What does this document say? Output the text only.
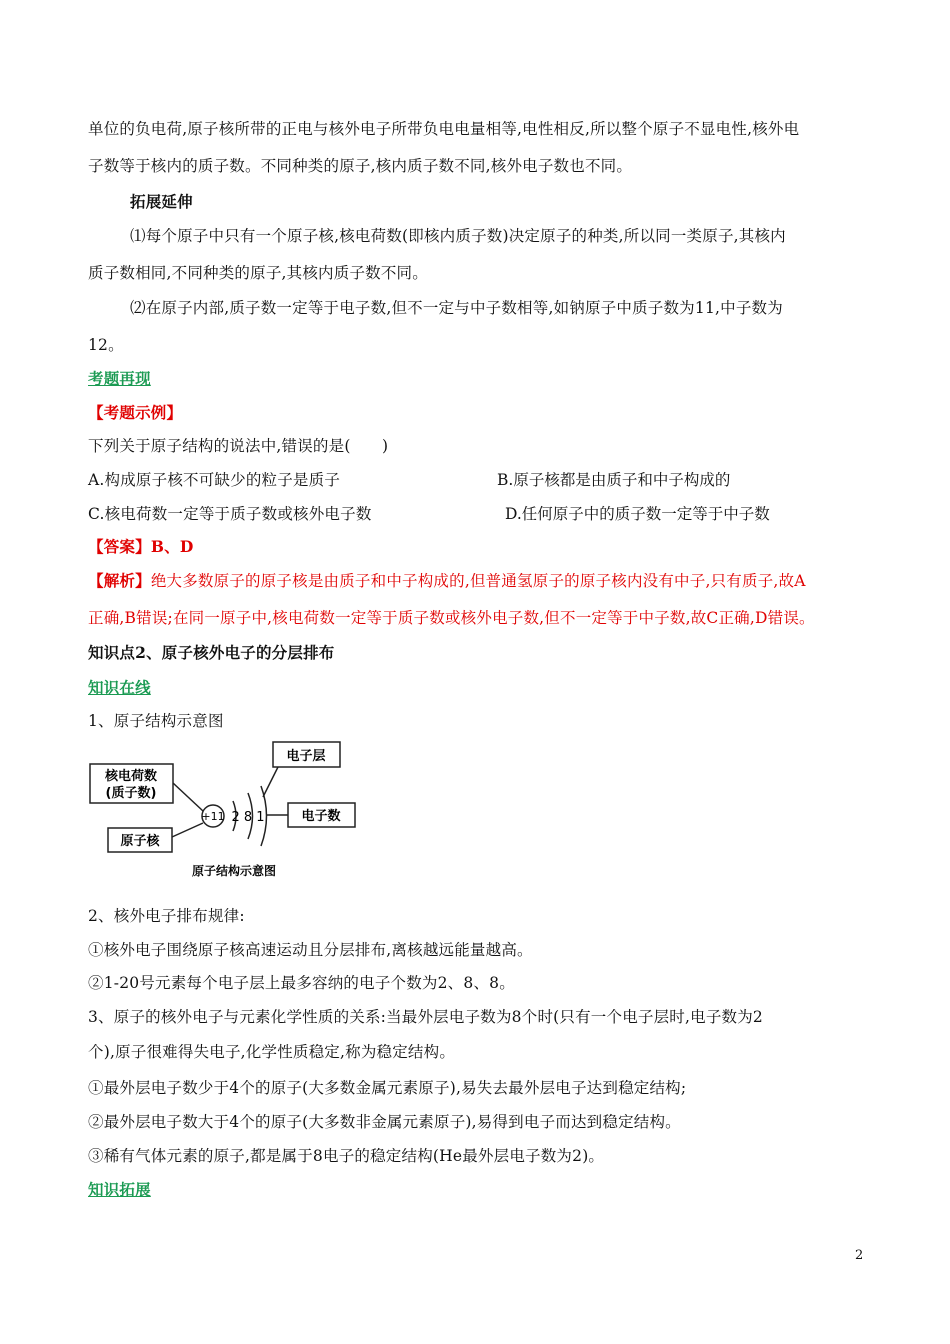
单位的负电荷,原子核所带的正电与核外电子所带负电电量相等,电性相反,所以整个原子不显电性,核外电
子数等于核内的质子数。不同种类的原子,核内质子数不同,核外电子数也不同。
拓展延伸
⑴每个原子中只有一个原子核,核电荷数(即核内质子数)决定原子的种类,所以同一类原子,其核内
质子数相同,不同种类的原子,其核内质子数不同。
⑵在原子内部,质子数一定等于电子数,但不一定与中子数相等,如钠原子中质子数为11,中子数为
12。
考题再现
【考题示例】
下列关于原子结构的说法中,错误的是(　　)
A.构成原子核不可缺少的粒子是质子	B.原子核都是由质子和中子构成的
C.核电荷数一定等于质子数或核外电子数	D.任何原子中的质子数一定等于中子数
【答案】B、D
【解析】绝大多数原子的原子核是由质子和中子构成的,但普通氢原子的原子核内没有中子,只有质子,故A
正确,B错误;在同一原子中,核电荷数一定等于质子数或核外电子数,但不一定等于中子数,故C正确,D错误。
知识点2、原子核外电子的分层排布
知识在线
1、原子结构示意图
核电荷数
(质子数)
电子层
电子数
原子核
+11 2 8 1
原子结构示意图
2、核外电子排布规律:
①核外电子围绕原子核高速运动且分层排布,离核越远能量越高。
②1-20号元素每个电子层上最多容纳的电子个数为2、8、8。
3、原子的核外电子与元素化学性质的关系:当最外层电子数为8个时(只有一个电子层时,电子数为2
个),原子很难得失电子,化学性质稳定,称为稳定结构。
①最外层电子数少于4个的原子(大多数金属元素原子),易失去最外层电子达到稳定结构;
②最外层电子数大于4个的原子(大多数非金属元素原子),易得到电子而达到稳定结构。
③稀有气体元素的原子,都是属于8电子的稳定结构(He最外层电子数为2)。
知识拓展
2
